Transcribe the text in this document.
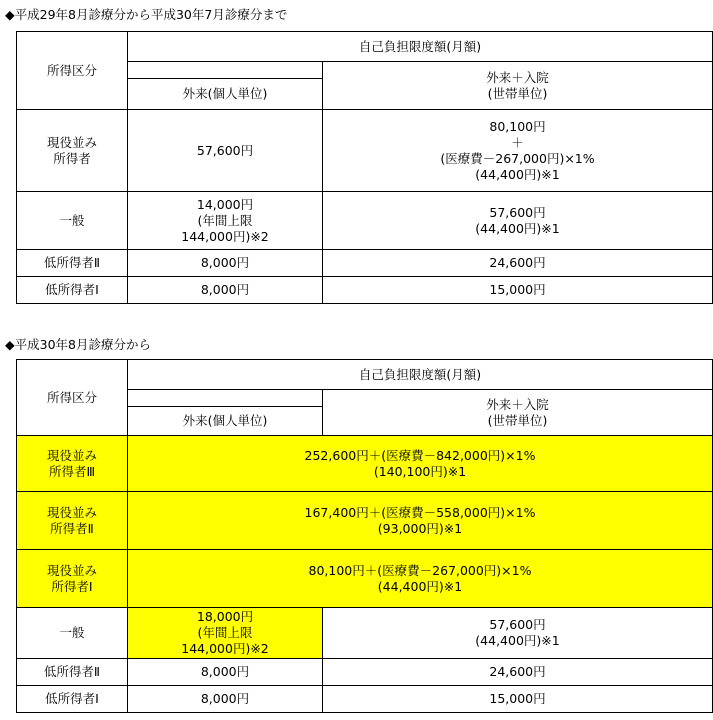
◆平成29年8月診療分から平成30年7月診療分まで
所得区分	自己負担限度額(月額)	
		外来＋入院
(世帯単位)
	外来(個人単位)	
現役並み
所得者	57,600円	80,100円
＋
(医療費－267,000円)×1%
(44,400円)※1
一般	14,000円
(年間上限
144,000円)※2	57,600円
(44,400円)※1
低所得者Ⅱ	8,000円	24,600円
低所得者Ⅰ	8,000円	15,000円
◆平成30年8月診療分から
所得区分	自己負担限度額(月額)	
		外来＋入院
(世帯単位)
	外来(個人単位)	
現役並み
所得者Ⅲ	252,600円＋(医療費－842,000円)×1%
(140,100円)※1	
現役並み
所得者Ⅱ	167,400円＋(医療費－558,000円)×1%
(93,000円)※1	
現役並み
所得者Ⅰ	80,100円＋(医療費－267,000円)×1%
(44,400円)※1	
一般	18,000円
(年間上限
144,000円)※2	57,600円
(44,400円)※1
低所得者Ⅱ	8,000円	24,600円
低所得者Ⅰ	8,000円	15,000円
